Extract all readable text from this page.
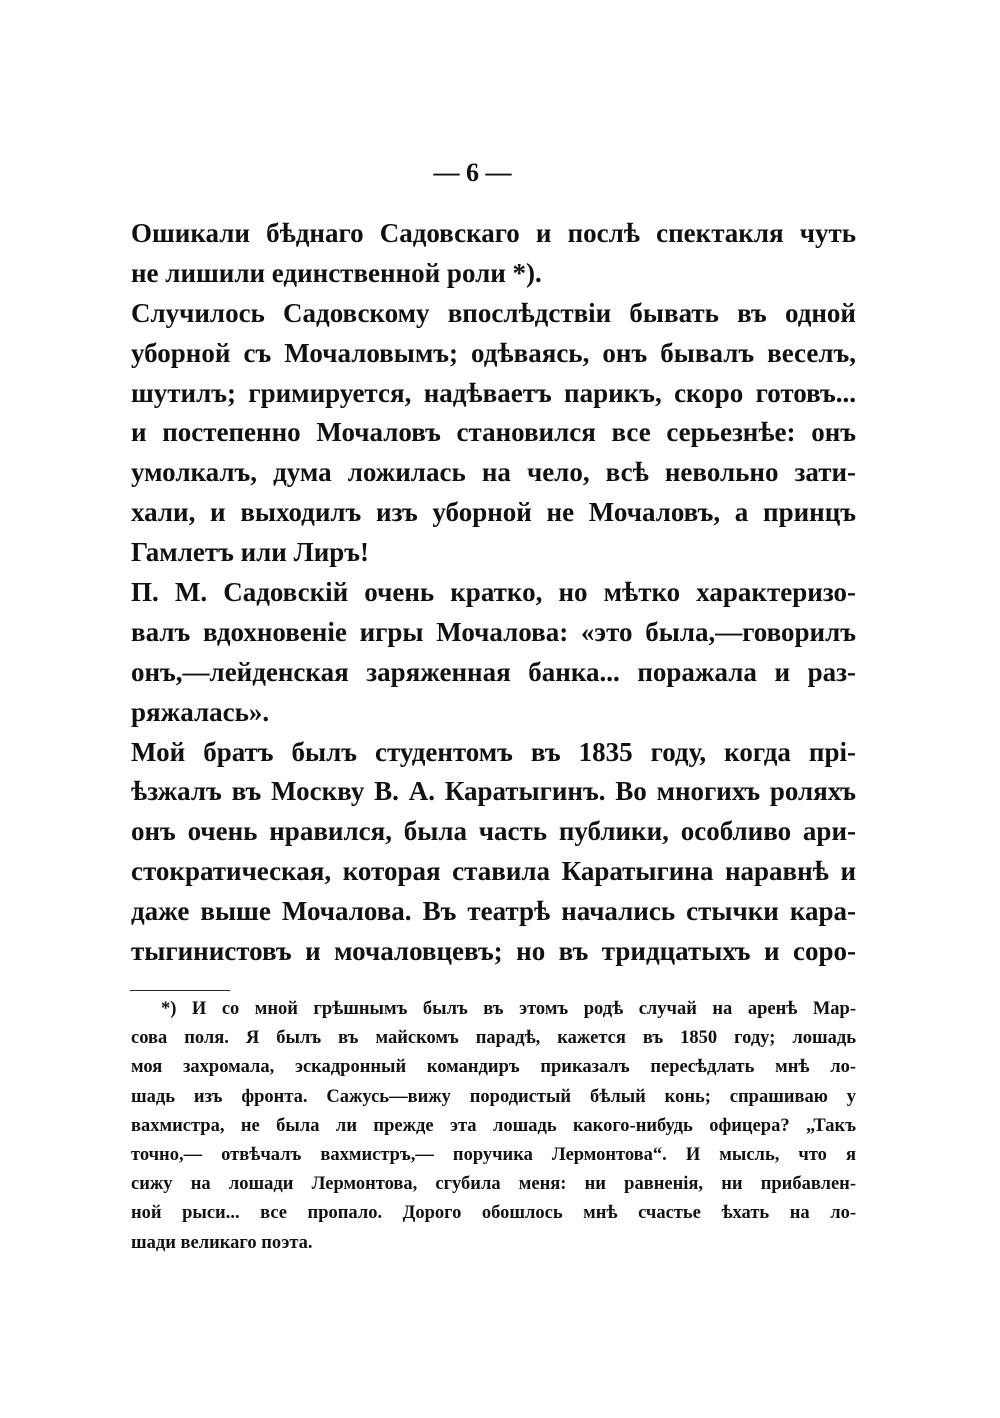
— 6 —
Ошикали бѣднаго Садовскаго и послѣ спектакля чуть
не лишили единственной роли *).
Случилось Садовскому впослѣдствіи бывать въ одной
уборной съ Мочаловымъ; одѣваясь, онъ бывалъ веселъ,
шутилъ; гримируется, надѣваетъ парикъ, скоро готовъ...
и постепенно Мочаловъ становился все серьезнѣе: онъ
умолкалъ, дума ложилась на чело, всѣ невольно зати-
хали, и выходилъ изъ уборной не Мочаловъ, а принцъ
Гамлетъ или Лиръ!
П. М. Садовскій очень кратко, но мѣтко характеризо-
валъ вдохновеніе игры Мочалова: «это была,—говорилъ
онъ,—лейденская заряженная банка... поражала и раз-
ряжалась».
Мой братъ былъ студентомъ въ 1835 году, когда прі-
ѣзжалъ въ Москву В. А. Каратыгинъ. Во многихъ роляхъ
онъ очень нравился, была часть публики, особливо ари-
стократическая, которая ставила Каратыгина наравнѣ и
даже выше Мочалова. Въ театрѣ начались стычки кара-
тыгинистовъ и мочаловцевъ; но въ тридцатыхъ и соро-
*) И со мной грѣшнымъ былъ въ этомъ родѣ случай на аренѣ Мар-
сова поля. Я былъ въ майскомъ парадѣ, кажется въ 1850 году; лошадь
моя захромала, эскадронный командиръ приказалъ переcѣдлать мнѣ ло-
шадь изъ фронта. Сажусь—вижу породистый бѣлый конь; спрашиваю у
вахмистра, не была ли прежде эта лошадь какого-нибудь офицера? „Такъ
точно,— отвѣчалъ вахмистръ,— поручика Лермонтова“. И мысль, что я
сижу на лошади Лермонтова, сгубила меня: ни равненія, ни прибавлен-
ной рыси... все пропало. Дорого обошлось мнѣ счастье ѣхать на ло-
шади великаго поэта.
